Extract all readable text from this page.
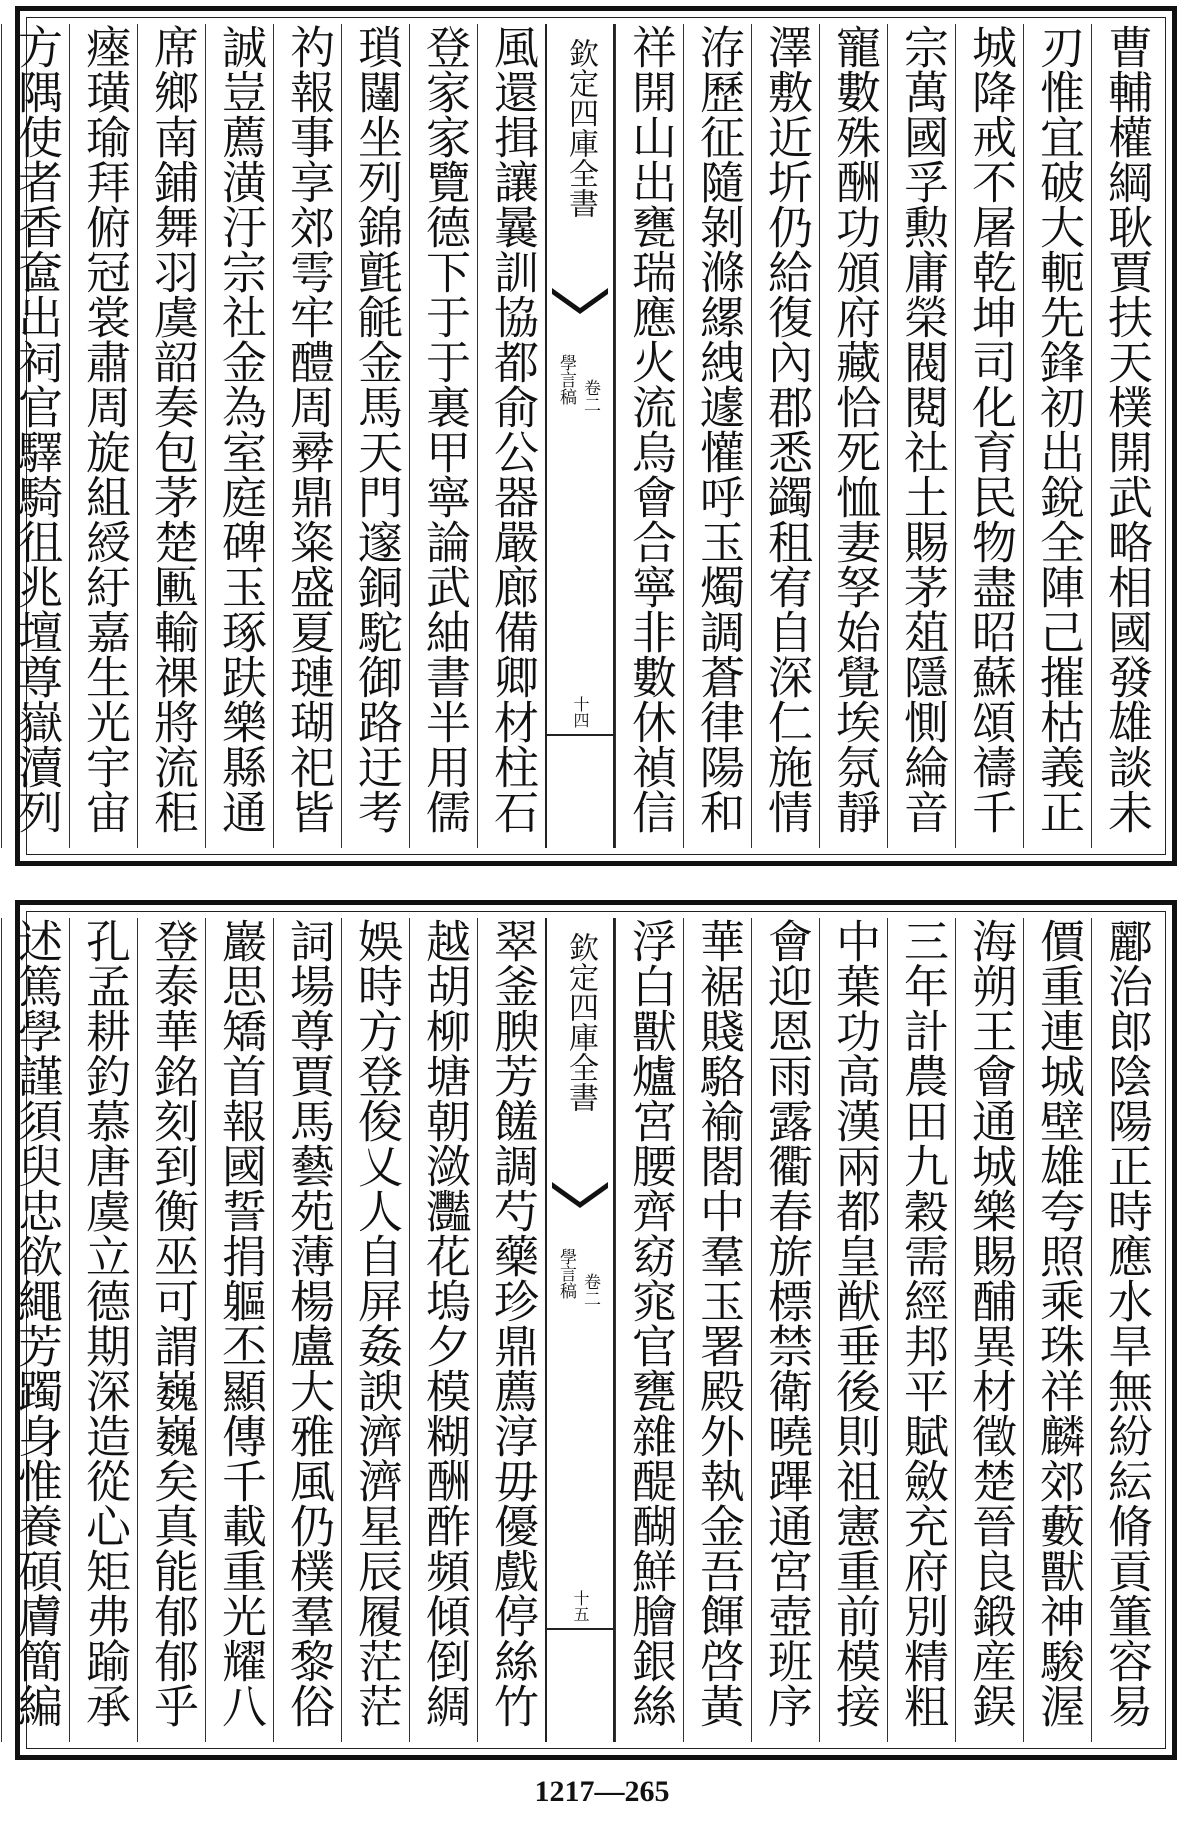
曹輔權綱耿賈扶天樸開武略相國發雄談未
刃惟宜破大軛先鋒初出銳全陣己摧枯義正
城降戒不屠乾坤司化育民物盡昭蘇頌禱千
宗萬國孚勲庸榮閥閱社土賜茅葅隱惻綸音
寵數殊酬功頒府藏恰死恤妻孥始覺埃氛靜
澤敷近圻仍給復內郡悉蠲租宥自深仁施情
洊歷征隨剝滌縲絏遽懽呼玉燭調蒼律陽和
祥開山出甕瑞應火流烏會合寧非數休禎信
欽定四庫全書
學言稿 卷二
十四
風還揖讓曩訓協都俞公器嚴廊備卿材柱石
登家家覽德下于于裏甲寧論武紬書半用儒
瑣闥坐列錦氈毹金馬天門邃銅駝御路迂考
礿報事享郊雩牢醴周彛鼎粢盛夏璉瑚祀皆
誠豈薦潢汙宗社金為室庭碑玉琢趺樂縣通
席鄉南鋪舞羽虞韶奏包茅楚匭輸祼將流秬
瘞璜瑜拜俯冠裳肅周旋組綬紆嘉生光宇宙
方隅使者香奩出祠官驛騎徂兆壇尊嶽瀆列
酈治郎陰陽正時應水旱無紛紜脩貢箽容易
價重連城壁雄夸照乘珠祥麟郊藪獸神駿渥
海朔王會通城樂賜酺異材徵楚晉良鍛産鋘
三年計農田九穀需經邦平賦斂充府別精粗
中葉功高漢兩都皇猷垂後則祖憲重前模接
會迎恩雨露衢春旂標禁衛曉蹕通宮壺班序
華裾賤駱褕閤中羣玉署殿外執金吾餫啓黃
浮白獸爐宮腰齊窈窕官甕雜醍醐鮮膾銀絲
欽定四庫全書
學言稿 卷二
十五
翠釜腴芳饈調芍藥珍鼎薦淳毋優戲停絲竹
越胡柳塘朝潋灩花塢夕模糊酬酢頻傾倒綢
娛時方登俊乂人自屏姦諛濟濟星辰履茫茫
詞場尊賈馬藝苑薄楊盧大雅風仍樸羣黎俗
巖思矯首報國誓捐軀丕顯傳千載重光耀八
登泰華銘刻到衡巫可謂巍巍矣真能郁郁乎
孔孟耕釣慕唐虞立德期深造從心矩弗踰承
述篤學謹須臾忠欲繩芳躅身惟養碩膚簡編
1217—265
